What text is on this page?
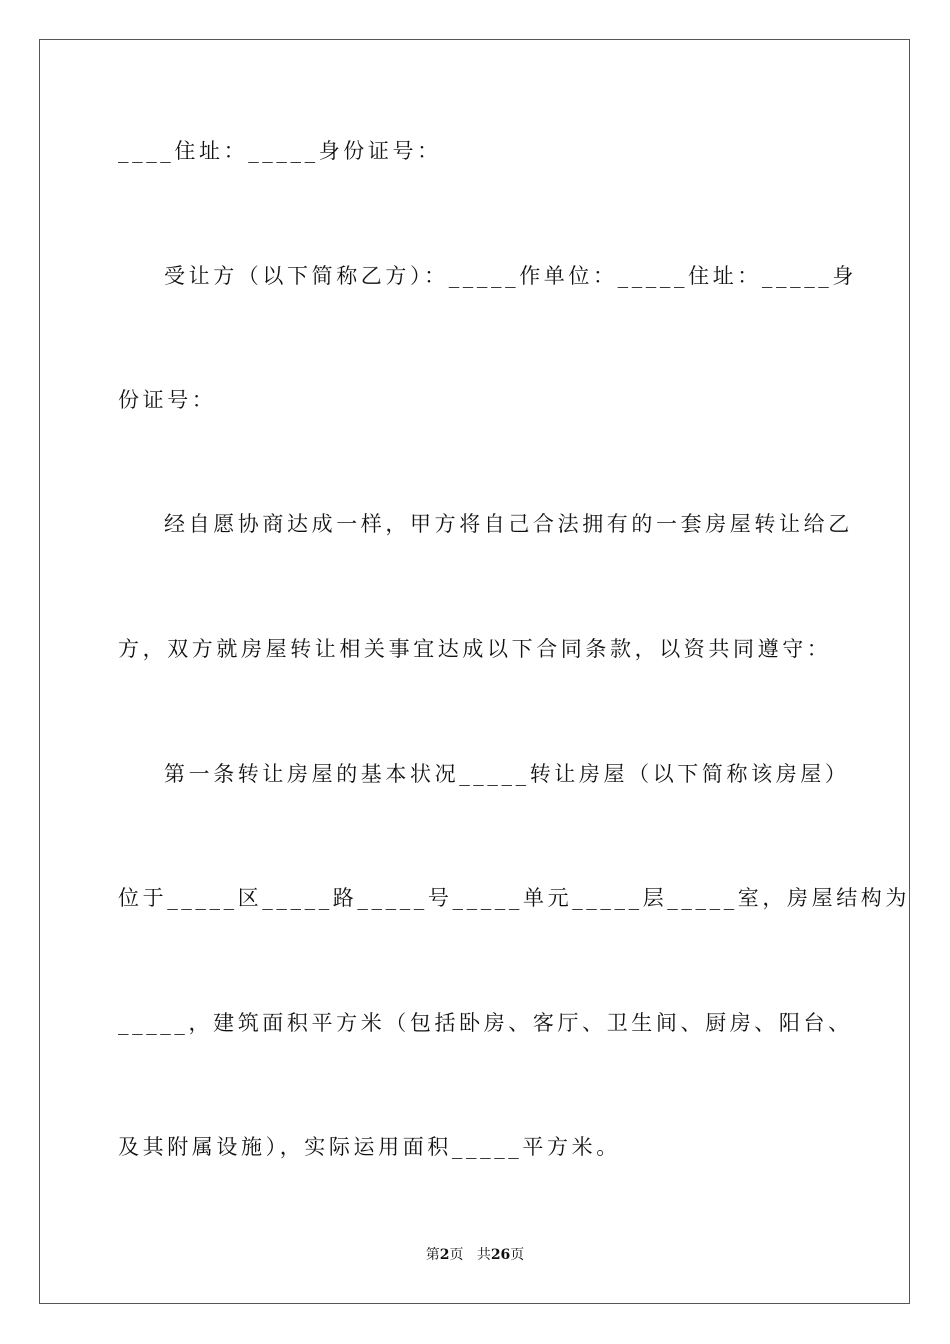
____住址：_____身份证号：
受让方（以下简称乙方）：_____作单位：_____住址：_____身
份证号：
经自愿协商达成一样，甲方将自己合法拥有的一套房屋转让给乙
方，双方就房屋转让相关事宜达成以下合同条款，以资共同遵守：
第一条转让房屋的基本状况_____转让房屋（以下简称该房屋）
位于_____区_____路_____号_____单元_____层_____室，房屋结构为
_____，建筑面积平方米（包括卧房、客厅、卫生间、厨房、阳台、
及其附属设施），实际运用面积_____平方米。
第2页 共26页
